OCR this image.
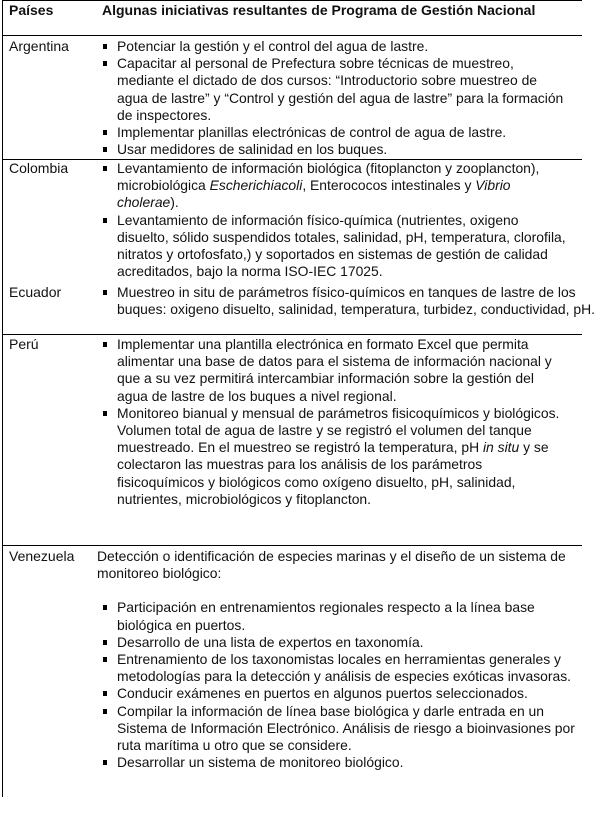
Países	Algunas iniciativas resultantes de Programa de Gestión Nacional
Argentina	Potenciar la gestión y el control del agua de lastre.
Capacitar al personal de Prefectura sobre técnicas de muestreo, mediante el dictado de dos cursos: “Introductorio sobre muestreo de agua de lastre” y “Control y gestión del agua de lastre” para la formación de inspectores.
Implementar planillas electrónicas de control de agua de lastre.
Usar medidores de salinidad en los buques.
Colombia	Levantamiento de información biológica (fitoplancton y zooplancton), microbiológica Escherichiacoli, Enterococos intestinales y Vibrio cholerae).
Levantamiento de información físico-química (nutrientes, oxigeno disuelto, sólido suspendidos totales, salinidad, pH, temperatura, clorofila, nitratos y ortofosfato,) y soportados en sistemas de gestión de calidad acreditados, bajo la norma ISO-IEC 17025.
Ecuador	Muestreo in situ de parámetros físico-químicos en tanques de lastre de los buques: oxigeno disuelto, salinidad, temperatura, turbidez, conductividad, pH.
Perú	Implementar una plantilla electrónica en formato Excel que permita alimentar una base de datos para el sistema de información nacional y que a su vez permitirá intercambiar información sobre la gestión del agua de lastre de los buques a nivel regional.
Monitoreo bianual y mensual de parámetros fisicoquímicos y biológicos. Volumen total de agua de lastre y se registró el volumen del tanque muestreado. En el muestreo se registró la temperatura, pH in situ y se colectaron las muestras para los análisis de los parámetros fisicoquímicos y biológicos como oxígeno disuelto, pH, salinidad, nutrientes, microbiológicos y fitoplancton.
Venezuela Detección o identificación de especies marinas y el diseño de un sistema de monitoreo biológico:
Participación en entrenamientos regionales respecto a la línea base biológica en puertos.
Desarrollo de una lista de expertos en taxonomía.
Entrenamiento de los taxonomistas locales en herramientas generales y metodologías para la detección y análisis de especies exóticas invasoras.
Conducir exámenes en puertos en algunos puertos seleccionados.
Compilar la información de línea base biológica y darle entrada en un Sistema de Información Electrónico. Análisis de riesgo a bioinvasiones por ruta marítima u otro que se considere.
Desarrollar un sistema de monitoreo biológico.
